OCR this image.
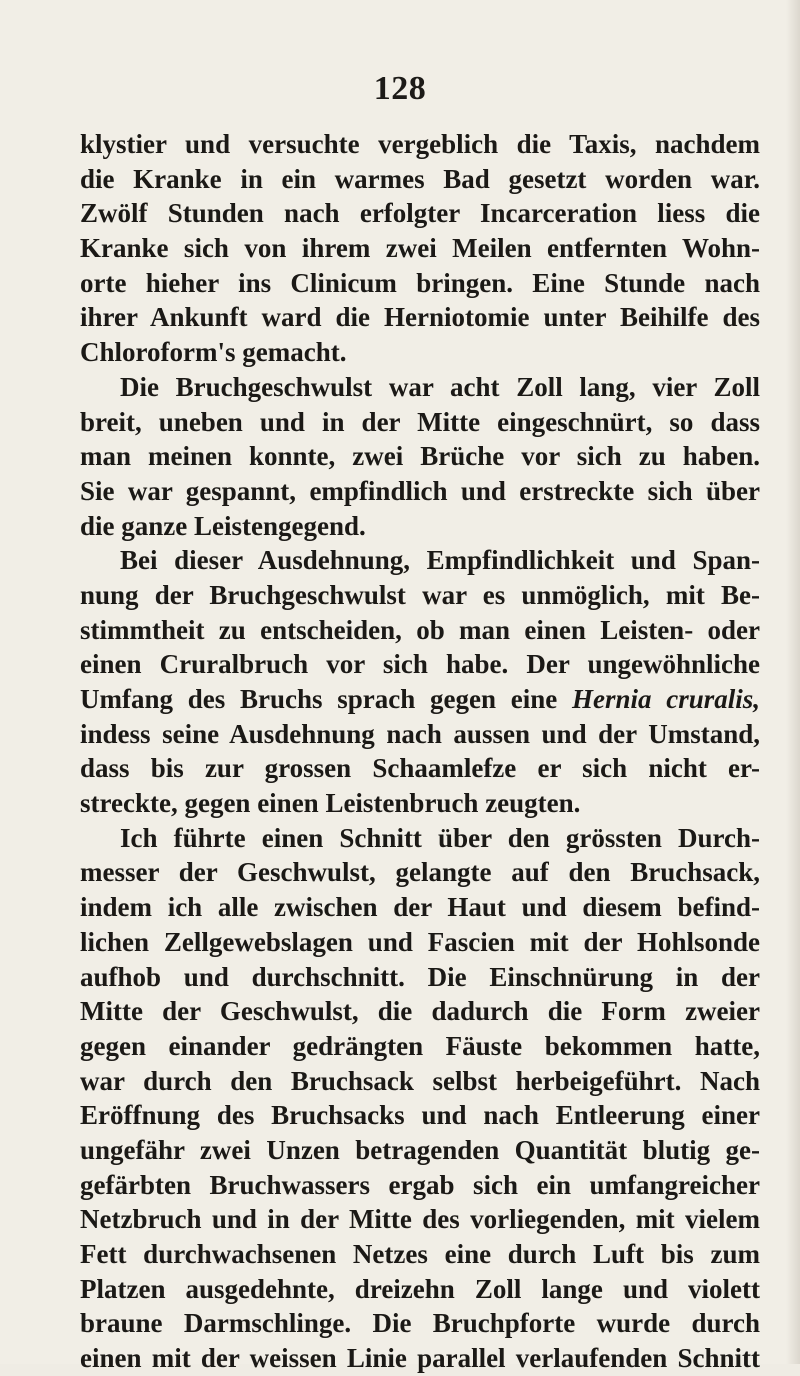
128
klystier und versuchte vergeblich die Taxis, nachdem
die Kranke in ein warmes Bad gesetzt worden war.
Zwölf Stunden nach erfolgter Incarceration liess die
Kranke sich von ihrem zwei Meilen entfernten Wohn-
orte hieher ins Clinicum bringen. Eine Stunde nach
ihrer Ankunft ward die Herniotomie unter Beihilfe des
Chloroform's gemacht.
Die Bruchgeschwulst war acht Zoll lang, vier Zoll
breit, uneben und in der Mitte eingeschnürt, so dass
man meinen konnte, zwei Brüche vor sich zu haben.
Sie war gespannt, empfindlich und erstreckte sich über
die ganze Leistengegend.
Bei dieser Ausdehnung, Empfindlichkeit und Span-
nung der Bruchgeschwulst war es unmöglich, mit Be-
stimmtheit zu entscheiden, ob man einen Leisten- oder
einen Cruralbruch vor sich habe. Der ungewöhnliche
Umfang des Bruchs sprach gegen eine Hernia cruralis,
indess seine Ausdehnung nach aussen und der Umstand,
dass bis zur grossen Schaamlefze er sich nicht er-
streckte, gegen einen Leistenbruch zeugten.
Ich führte einen Schnitt über den grössten Durch-
messer der Geschwulst, gelangte auf den Bruchsack,
indem ich alle zwischen der Haut und diesem befind-
lichen Zellgewebslagen und Fascien mit der Hohlsonde
aufhob und durchschnitt. Die Einschnürung in der
Mitte der Geschwulst, die dadurch die Form zweier
gegen einander gedrängten Fäuste bekommen hatte,
war durch den Bruchsack selbst herbeigeführt. Nach
Eröffnung des Bruchsacks und nach Entleerung einer
ungefähr zwei Unzen betragenden Quantität blutig ge-
gefärbten Bruchwassers ergab sich ein umfangreicher
Netzbruch und in der Mitte des vorliegenden, mit vielem
Fett durchwachsenen Netzes eine durch Luft bis zum
Platzen ausgedehnte, dreizehn Zoll lange und violett
braune Darmschlinge. Die Bruchpforte wurde durch
einen mit der weissen Linie parallel verlaufenden Schnitt
